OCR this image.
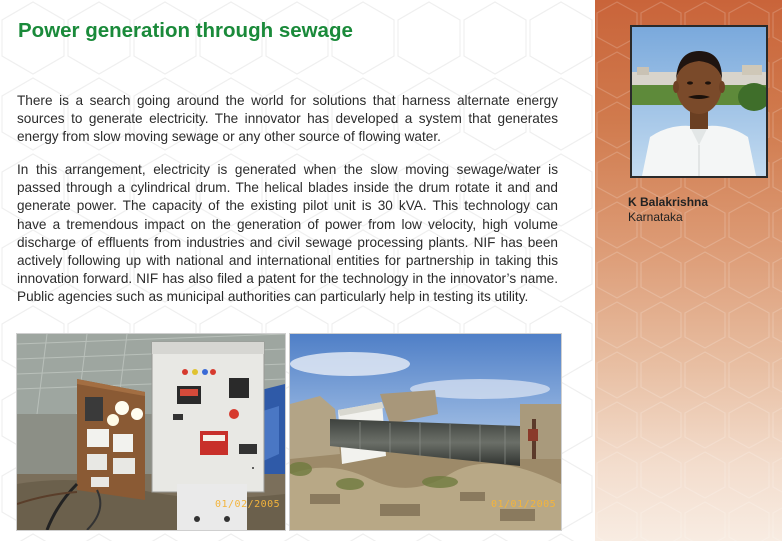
Power generation through sewage
There is a search going around the world for solutions that harness alternate energy sources to generate electricity. The innovator has developed a system that generates energy from slow moving sewage or any other source of flowing water.
In this arrangement, electricity is generated when the slow moving sewage/water is passed through a cylindrical drum. The helical blades inside the drum rotate it and and generate power. The capacity of the existing pilot unit is 30 kVA. This technology can have a tremendous impact on the generation of power from low velocity, high volume discharge of effluents from industries and civil sewage processing plants. NIF has been actively following up with national and international entities for partnership in taking this innovation forward. NIF has also filed a patent for the technology in the innovator’s name. Public agencies such as municipal authorities can particularly help in testing its utility.
01/02/2005	01/01/2005
K Balakrishna
Karnataka
